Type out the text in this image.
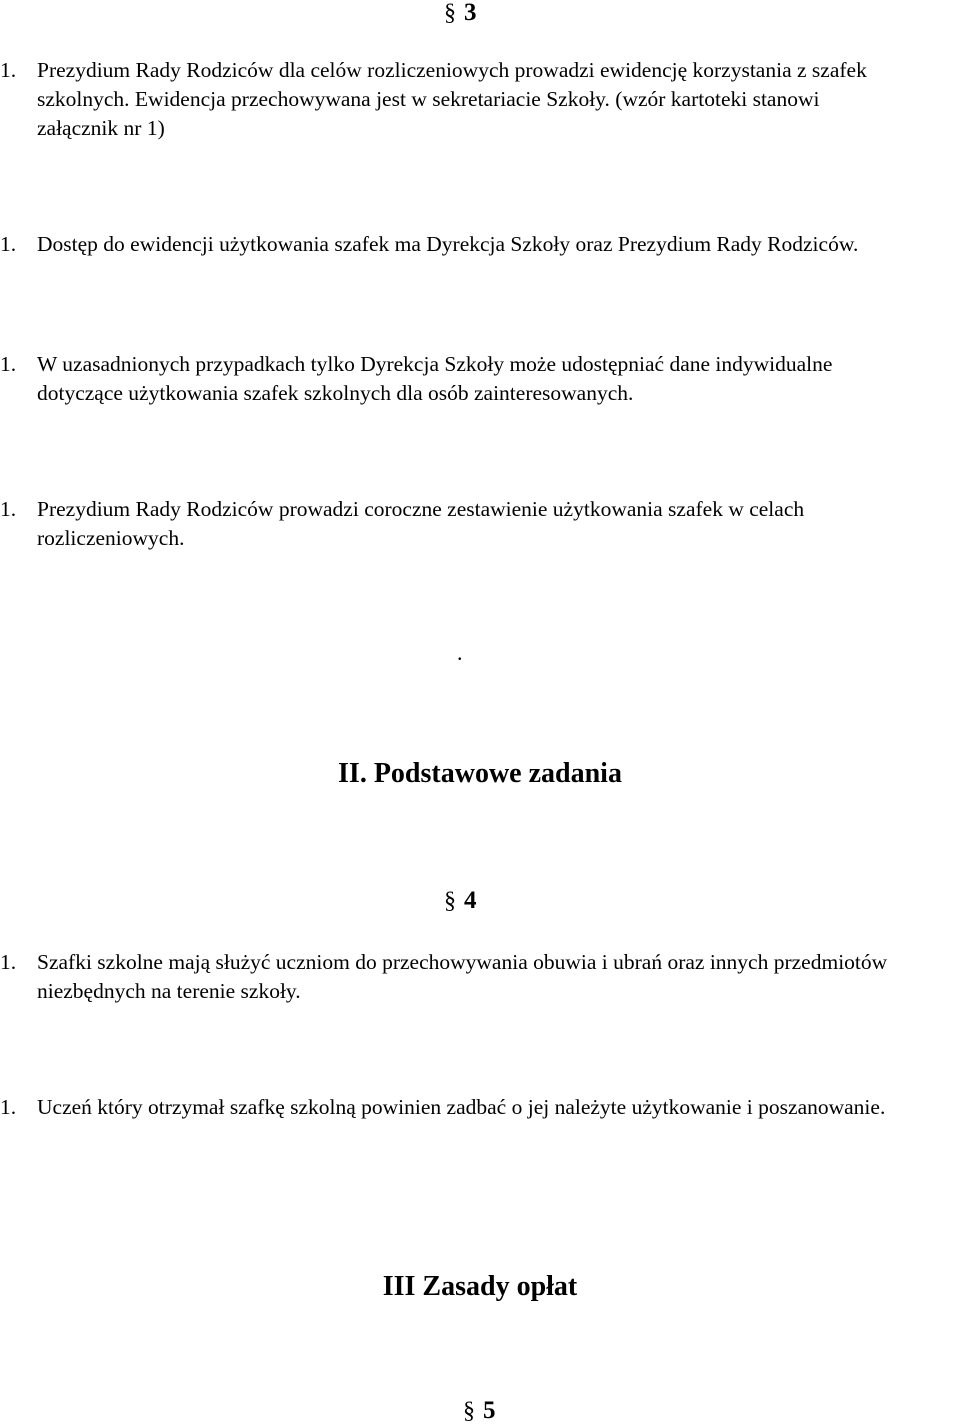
§ 3
1. Prezydium Rady Rodziców dla celów rozliczeniowych prowadzi ewidencję korzystania z szafek
szkolnych. Ewidencja przechowywana jest w sekretariacie Szkoły. (wzór kartoteki stanowi
załącznik nr 1)
1. Dostęp do ewidencji użytkowania szafek ma Dyrekcja Szkoły oraz Prezydium Rady Rodziców.
1. W uzasadnionych przypadkach tylko Dyrekcja Szkoły może udostępniać dane indywidualne
dotyczące użytkowania szafek szkolnych dla osób zainteresowanych.
1. Prezydium Rady Rodziców prowadzi coroczne zestawienie użytkowania szafek w celach
rozliczeniowych.
.
II. Podstawowe zadania
§ 4
1. Szafki szkolne mają służyć uczniom do przechowywania obuwia i ubrań oraz innych przedmiotów
niezbędnych na terenie szkoły.
1. Uczeń który otrzymał szafkę szkolną powinien zadbać o jej należyte użytkowanie i poszanowanie.
III Zasady opłat
§ 5
